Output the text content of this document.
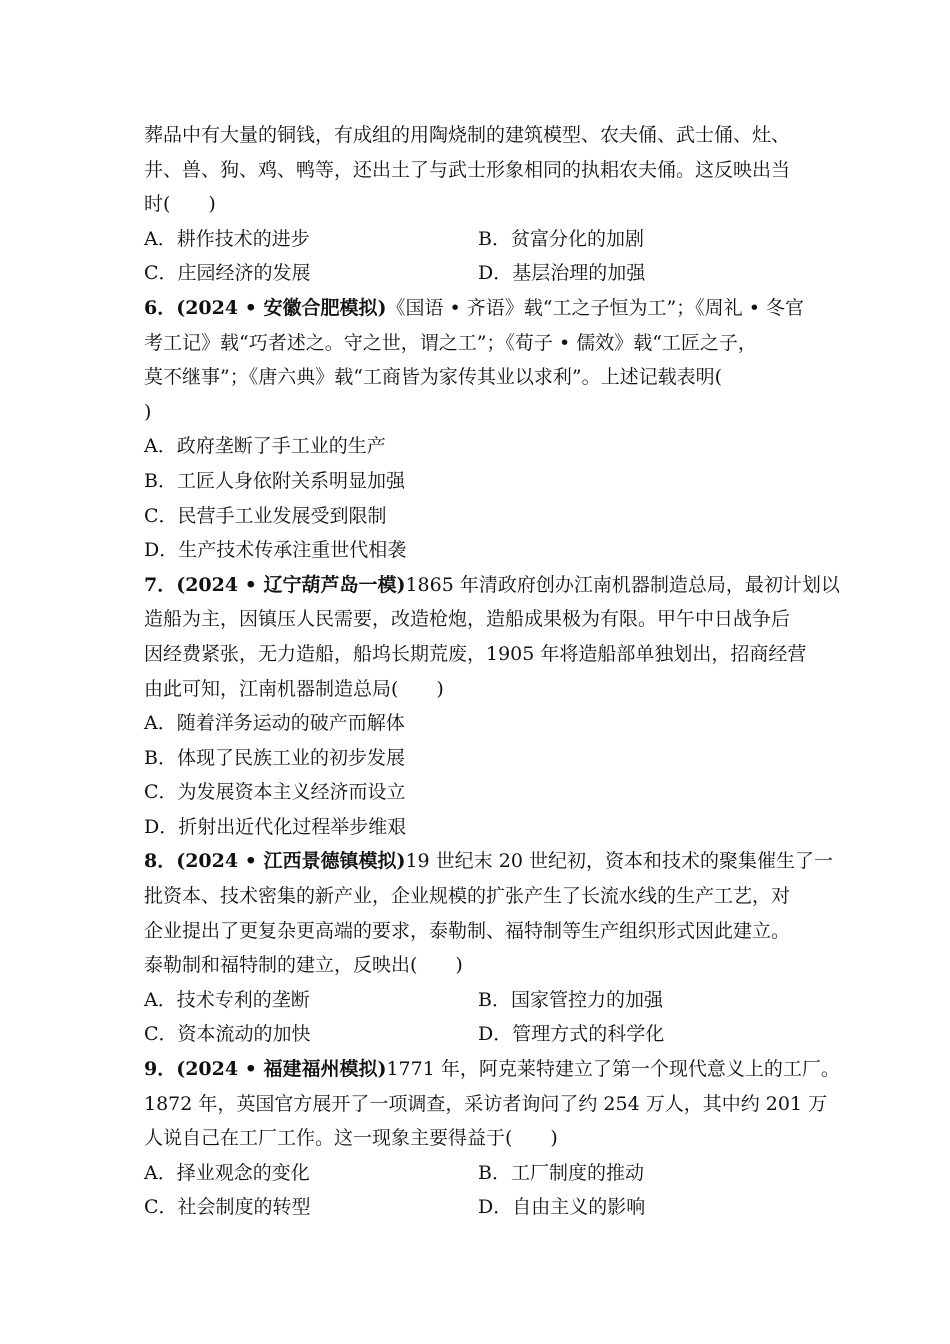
葬品中有大量的铜钱，有成组的用陶烧制的建筑模型、农夫俑、武士俑、灶、
井、兽、狗、鸡、鸭等，还出土了与武士形象相同的执耜农夫俑。这反映出当
时(　　)
A．耕作技术的进步	B．贫富分化的加剧
C．庄园经济的发展	D．基层治理的加强
6．(2024 • 安徽合肥模拟)《国语 • 齐语》载“工之子恒为工”；《周礼 • 冬官
考工记》载“巧者述之。守之世，谓之工”；《荀子 • 儒效》载“工匠之子，
莫不继事”；《唐六典》载“工商皆为家传其业以求利”。上述记载表明(
)
A．政府垄断了手工业的生产
B．工匠人身依附关系明显加强
C．民营手工业发展受到限制
D．生产技术传承注重世代相袭
7．(2024 • 辽宁葫芦岛一模)1865 年清政府创办江南机器制造总局，最初计划以
造船为主，因镇压人民需要，改造枪炮，造船成果极为有限。甲午中日战争后
因经费紧张，无力造船，船坞长期荒废，1905 年将造船部单独划出，招商经营
由此可知，江南机器制造总局(　　)
A．随着洋务运动的破产而解体
B．体现了民族工业的初步发展
C．为发展资本主义经济而设立
D．折射出近代化过程举步维艰
8．(2024 • 江西景德镇模拟)19 世纪末 20 世纪初，资本和技术的聚集催生了一
批资本、技术密集的新产业，企业规模的扩张产生了长流水线的生产工艺，对
企业提出了更复杂更高端的要求，泰勒制、福特制等生产组织形式因此建立。
泰勒制和福特制的建立，反映出(　　)
A．技术专利的垄断	B．国家管控力的加强
C．资本流动的加快	D．管理方式的科学化
9．(2024 • 福建福州模拟)1771 年，阿克莱特建立了第一个现代意义上的工厂。
1872 年，英国官方展开了一项调查，采访者询问了约 254 万人，其中约 201 万
人说自己在工厂工作。这一现象主要得益于(　　)
A．择业观念的变化	B．工厂制度的推动
C．社会制度的转型	D．自由主义的影响
